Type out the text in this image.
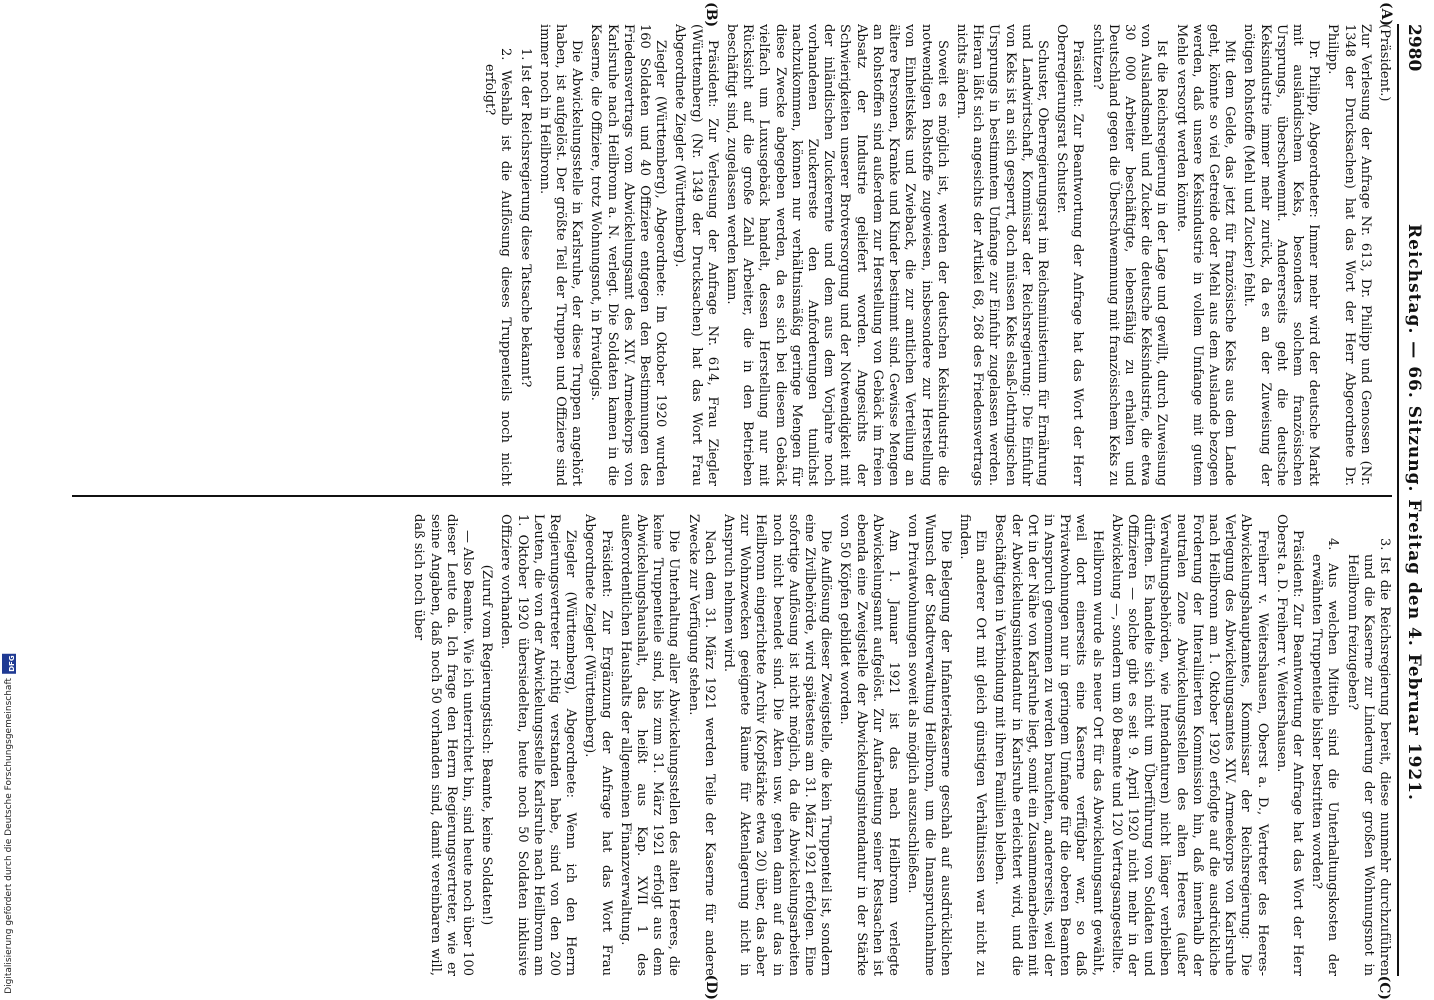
2980
Reichstag. — 66. Sitzung. Freitag den 4. Februar 1921.
(A)
(B)
(C)
(D)

(Präsident.)

Zur Verlesung der Anfrage Nr. 613, Dr. Philipp und Genossen (Nr. 1348 der Drucksachen) hat das Wort der Herr Abgeordnete Dr. Philipp.

Dr. Philipp, Abgeordneter: Immer mehr wird der deutsche Markt mit ausländischem Keks, besonders solchem französischen Ursprungs, überschwemmt. Andererseits geht die deutsche Keksindustrie immer mehr zurück, da es an der Zuweisung der nötigen Rohstoffe (Mehl und Zucker) fehlt.

Mit dem Gelde, das jetzt für französische Keks aus dem Lande geht, könnte so viel Getreide oder Mehl aus dem Auslande bezogen werden, daß unsere Keksindustrie in vollem Umfange mit gutem Mehle versorgt werden könnte.

Ist die Reichsregierung in der Lage und gewillt, durch Zuweisung von Auslandsmehl und Zucker die deutsche Keksindustrie, die etwa 30 000 Arbeiter beschäftigte, lebensfähig zu erhalten und Deutschland gegen die Überschwemmung mit französischem Keks zu schützen?

Präsident: Zur Beantwortung der Anfrage hat das Wort der Herr Oberregierungsrat Schuster.

Schuster, Oberregierungsrat im Reichsministerium für Ernährung und Landwirtschaft, Kommissar der Reichsregierung: Die Einfuhr von Keks ist an sich gesperrt, doch müssen Keks elsaß-lothringischen Ursprungs in bestimmtem Umfange zur Einfuhr zugelassen werden. Hieran läßt sich angesichts der Artikel 68, 268 des Friedensvertrags nichts ändern.

Soweit es möglich ist, werden der deutschen Keksindustrie die notwendigen Rohstoffe zugewiesen, insbesondere zur Herstellung von Einheitskeks und Zwieback, die zur amtlichen Verteilung an ältere Personen, Kranke und Kinder bestimmt sind. Gewisse Mengen an Rohstoffen sind außerdem zur Herstellung von Gebäck im freien Absatz der Industrie geliefert worden. Angesichts der Schwierigkeiten unserer Brotversorgung und der Notwendigkeit mit der inländischen Zuckerernte und dem aus dem Vorjahre noch vorhandenen Zuckerreste den Anforderungen tunlichst nachzukommen, können nur verhältnismäßig geringe Mengen für diese Zwecke abgegeben werden, da es sich bei diesem Gebäck vielfach um Luxusgebäck handelt, dessen Herstellung nur mit Rücksicht auf die große Zahl Arbeiter, die in den Betrieben beschäftigt sind, zugelassen werden kann.

Präsident: Zur Verlesung der Anfrage Nr. 614, Frau Ziegler (Württemberg) (Nr. 1349 der Drucksachen) hat das Wort Frau Abgeordnete Ziegler (Württemberg).

Ziegler (Württemberg), Abgeordnete: Im Oktober 1920 wurden 160 Soldaten und 40 Offiziere entgegen den Bestimmungen des Friedensvertrags vom Abwickelungsamt des XIV. Armeekorps von Karlsruhe nach Heilbronn a. N. verlegt. Die Soldaten kamen in die Kaserne, die Offiziere, trotz Wohnungsnot, in Privatlogis.

Die Abwickelungsstelle in Karlsruhe, der diese Truppen angehört haben, ist aufgelöst. Der größte Teil der Truppen und Offiziere sind immer noch in Heilbronn.

1. Ist der Reichsregierung diese Tatsache bekannt?

2. Weshalb ist die Auflösung dieses Truppenteils noch nicht erfolgt?

3. Ist die Reichsregierung bereit, diese nunmehr durchzuführen und die Kaserne zur Linderung der großen Wohnungsnot in Heilbronn freizugeben?

4. Aus welchen Mitteln sind die Unterhaltungskosten der erwähnten Truppenteile bisher bestritten worden?

Präsident: Zur Beantwortung der Anfrage hat das Wort der Herr Oberst a. D. Freiherr v. Weitershausen.

Freiherr v. Weitershausen, Oberst a. D., Vertreter des Heeres-Abwickelungshauptamtes, Kommissar der Reichsregierung: Die Verlegung des Abwickelungsamtes XIV. Armeekorps von Karlsruhe nach Heilbronn am 1. Oktober 1920 erfolgte auf die ausdrückliche Forderung der Interalliierten Kommission hin, daß innerhalb der neutralen Zone Abwickelungsstellen des alten Heeres (außer Verwaltungsbehörden, wie Intendanturen) nicht länger verbleiben dürften. Es handelte sich nicht um Überführung von Soldaten und Offizieren — solche gibt es seit 9. April 1920 nicht mehr in der Abwickelung —, sondern um 80 Beamte und 120 Vertragsangestellte.

Heilbronn wurde als neuer Ort für das Abwickelungsamt gewählt, weil dort einerseits eine Kaserne verfügbar war, so daß Privatwohnungen nur in geringem Umfange für die oberen Beamten in Anspruch genommen zu werden brauchten, andererseits, weil der Ort in der Nähe von Karlsruhe liegt, somit ein Zusammenarbeiten mit der Abwickelungsintendantur in Karlsruhe erleichtert wird, und die Beschäftigten in Verbindung mit ihren Familien bleiben.

Ein anderer Ort mit gleich günstigen Verhältnissen war nicht zu finden.

Die Belegung der Infanteriekaserne geschah auf ausdrücklichen Wunsch der Stadtverwaltung Heilbronn, um die Inanspruchnahme von Privatwohnungen soweit als möglich auszuschließen.

Am 1. Januar 1921 ist das nach Heilbronn verlegte Abwickelungsamt aufgelöst. Zur Aufarbeitung seiner Restsachen ist ebenda eine Zweigstelle der Abwickelungsintendantur in der Stärke von 50 Köpfen gebildet worden.

Die Auflösung dieser Zweigstelle, die kein Truppenteil ist, sondern eine Zivilbehörde, wird spätestens am 31. März 1921 erfolgen. Eine sofortige Auflösung ist nicht möglich, da die Abwickelungsarbeiten noch nicht beendet sind. Die Akten usw. gehen dann auf das in Heilbronn eingerichtete Archiv (Kopfstärke etwa 20) über, das aber zur Wohnzwecken geeignete Räume für Aktenlagerung nicht in Anspruch nehmen wird.

Nach dem 31. März 1921 werden Teile der Kaserne für andere Zwecke zur Verfügung stehen.

Die Unterhaltung aller Abwickelungsstellen des alten Heeres, die keine Truppenteile sind, bis zum 31. März 1921 erfolgt aus dem Abwickelungshaushalt, das heißt aus Kap. XVII 1 des außerordentlichen Haushalts der allgemeinen Finanzverwaltung.

Präsident: Zur Ergänzung der Anfrage hat das Wort Frau Abgeordnete Ziegler (Württemberg).

Ziegler (Württemberg), Abgeordnete: Wenn ich den Herrn Regierungsvertreter richtig verstanden habe, sind von den 200 Leuten, die von der Abwickelungsstelle Karlsruhe nach Heilbronn am 1. Oktober 1920 übersiedelten, heute noch 50 Soldaten inklusive Offiziere vorhanden.

(Zuruf vom Regierungstisch: Beamte, keine Soldaten!)

— Also Beamte. Wie ich unterrichtet bin, sind heute noch über 100 dieser Leute da. Ich frage den Herrn Regierungsvertreter, wie er seine Angaben, daß noch 50 vorhanden sind, damit vereinbaren will, daß sich noch über

Digitalisierung gefördert durch die Deutsche Forschungsgemeinschaft
DFG
